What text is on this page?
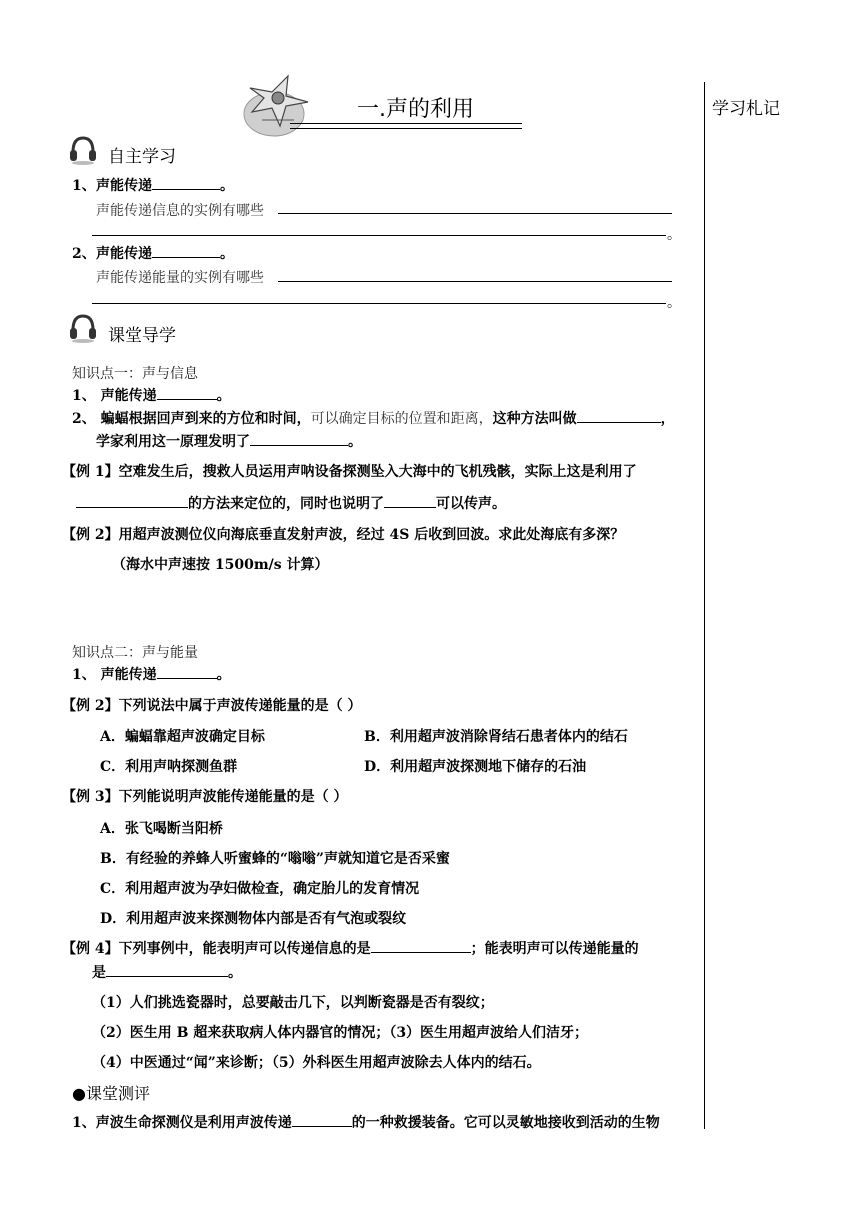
学习札记
一.声的利用
自主学习
1、 声能传递	。
声能传递信息的实例有哪些
。
2、 声能传递	。
声能传递能量的实例有哪些
。
课堂导学
知识点一：声与信息
1、 声能传递	。
2、 蝙蝠根据回声到来的方位和时间，可以确定目标的位置和距离，这种方法叫做	，
学家利用这一原理发明了	。
【例 1】空难发生后，搜救人员运用声呐设备探测坠入大海中的飞机残骸，实际上这是利用了
的方法来定位的，同时也说明了	可以传声。
【例 2】用超声波测位仪向海底垂直发射声波，经过 4S 后收到回波。求此处海底有多深？
（海水中声速按 1500m/s 计算）
知识点二：声与能量
1、 声能传递	。
【例 2】下列说法中属于声波传递能量的是（ ）
A．蝙蝠靠超声波确定目标	B．利用超声波消除肾结石患者体内的结石
C．利用声呐探测鱼群	D．利用超声波探测地下储存的石油
【例 3】下列能说明声波能传递能量的是（ ）
A．张飞喝断当阳桥
B．有经验的养蜂人听蜜蜂的“嗡嗡”声就知道它是否采蜜
C．利用超声波为孕妇做检查，确定胎儿的发育情况
D．利用超声波来探测物体内部是否有气泡或裂纹
【例 4】下列事例中，能表明声可以传递信息的是	；能表明声可以传递能量的
是	。
（1）人们挑选瓷器时，总要敲击几下，以判断瓷器是否有裂纹；
（2）医生用 B 超来获取病人体内器官的情况；（3）医生用超声波给人们洁牙；
（4）中医通过“闻”来诊断；（5）外科医生用超声波除去人体内的结石。
●课堂测评
1、声波生命探测仪是利用声波传递	的一种救援装备。它可以灵敏地接收到活动的生物
